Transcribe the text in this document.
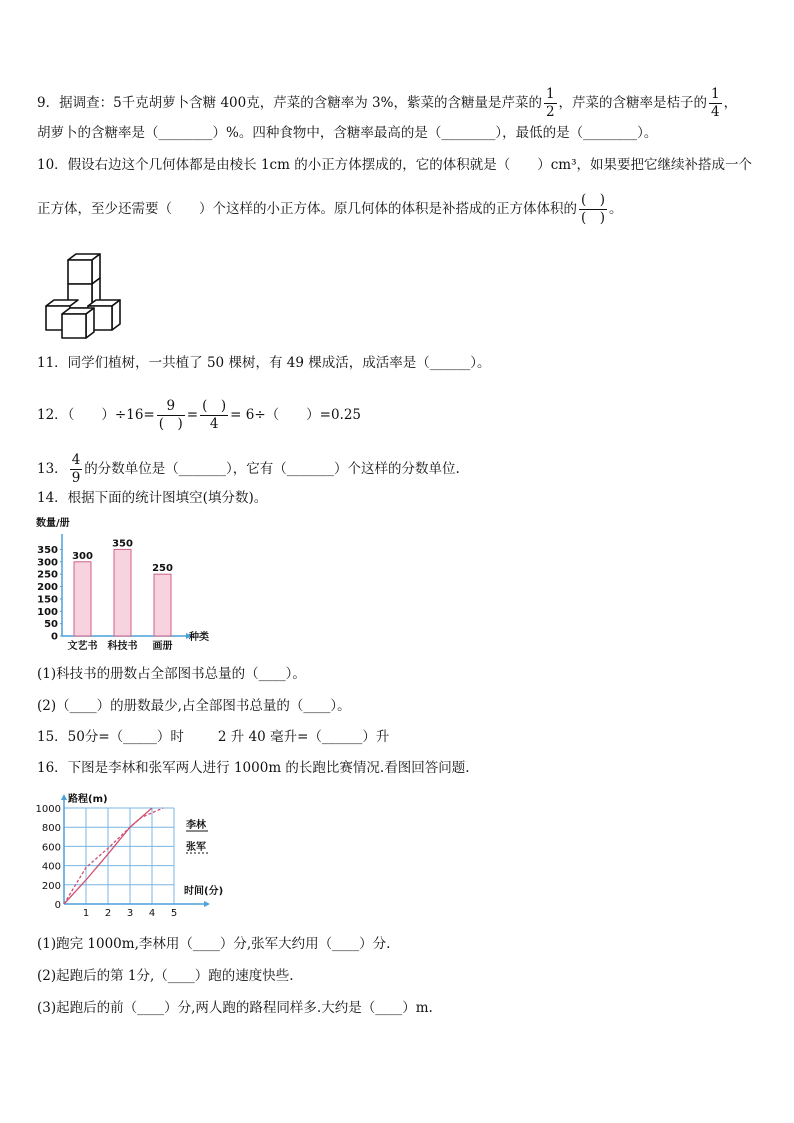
9．据调查：5千克胡萝卜含糖 400克，芹菜的含糖率为 3%，紫菜的含糖量是芹菜的 $\frac{1}{2}$ ，芹菜的含糖率是桔子的 $\frac{1}{4}$ ，
胡萝卜的含糖率是（________）%。四种食物中，含糖率最高的是（________），最低的是（________）。
10．假设右边这个几何体都是由棱长 1cm 的小正方体摆成的，它的体积就是（　　）cm³，如果要把它继续补搭成一个
正方体，至少还需要（　　）个这样的小正方体。原几何体的体积是补搭成的正方体体积的 $\frac{( )}{( )}$ 。
11．同学们植树，一共植了 50 棵树，有 49 棵成活，成活率是（______）。
12．（　　）$\div 16= \frac{9}{( )} = \frac{( )}{4} = 6\div$（　　）=0.25
13． $\frac{4}{9}$ 的分数单位是（_______），它有（_______）个这样的分数单位.
14．根据下面的统计图填空(填分数)。
数量/册
种类
0
50
100
150
200
250
300
350
300
文艺书
350
科技书
250
画册
(1)科技书的册数占全部图书总量的（____）。
(2)（____）的册数最少,占全部图书总量的（____）。
15．50分=（_____）时	2 升 40 毫升=（______）升
16．下图是李林和张军两人进行 1000m 的长跑比赛情况.看图回答问题.
路程(m)
时间(分)
0
200
400
600
800
1000
1 2 3 4 5
李林
张军
(1)跑完 1000m,李林用（____）分,张军大约用（____）分.
(2)起跑后的第 1分,（____）跑的速度快些.
(3)起跑后的前（____）分,两人跑的路程同样多.大约是（____）m.
